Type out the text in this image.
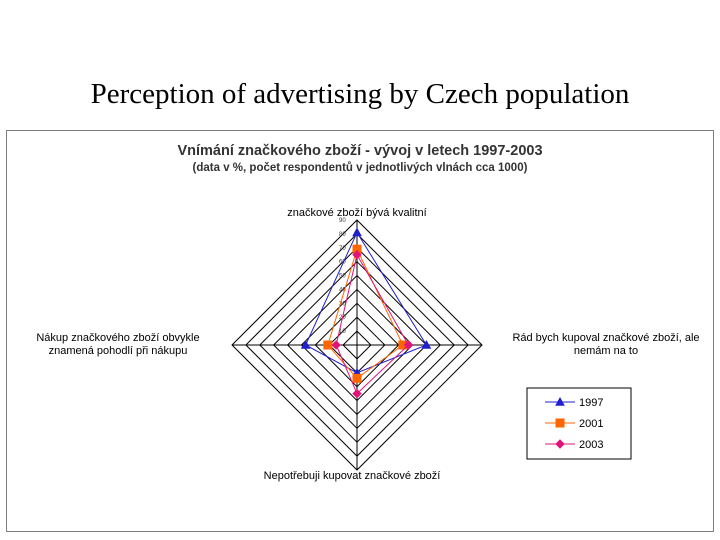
Perception of advertising by Czech population
Vnímání značkového zboží - vývoj v letech 1997-2003
(data v %, počet respondentů v jednotlivých vlnách cca 1000)
10
20
30
40
50
60
70
80
90
značkové zboží bývá kvalitní
Rád bych kupoval značkové zboží, ale
nemám na to
Nepotřebuji kupovat značkové zboží
Nákup značkového zboží obvykle
znamená pohodlí při nákupu
1997
2001
2003
